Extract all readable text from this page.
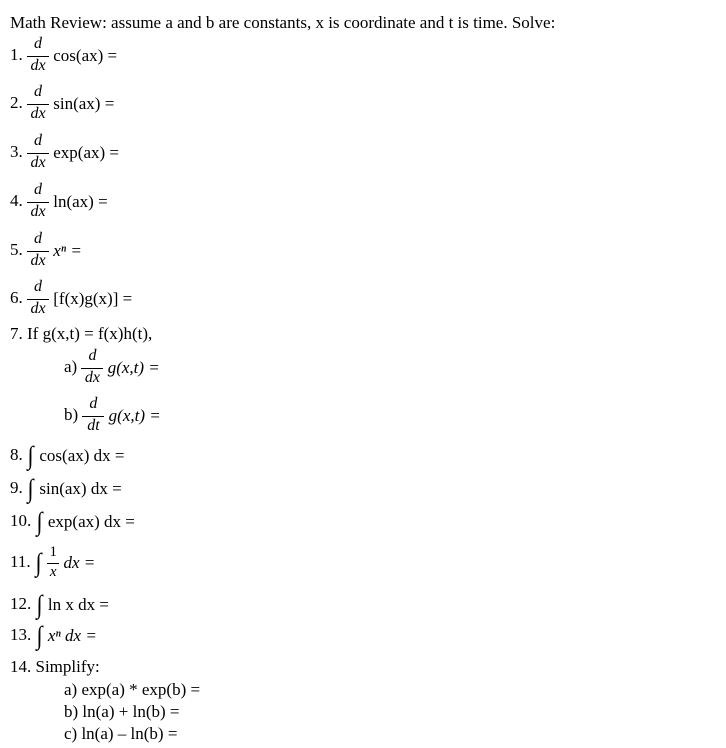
Math Review: assume a and b are constants, x is coordinate and t is time. Solve:
1. $\frac{d}{dx} \cos(ax)$ =
2. $\frac{d}{dx} \sin(ax)$ =
3. $\frac{d}{dx} \exp(ax)$ =
4. $\frac{d}{dx} \ln(ax)$ =
5. $\frac{d}{dx}$ xⁿ =
6. $\frac{d}{dx} [f(x)g(x)]$ =
7. If g(x,t) = f(x)h(t),
$a) \frac{d}{dx} g(x,t)$ =
$b) \frac{d}{dt} g(x,t)$ =
8. ∫ cos(ax) dx =
9. ∫ sin(ax) dx =
10. ∫ exp(ax) dx =
11. ∫ $\frac{1}{x}$ dx =
12. ∫ ln x dx =
13. ∫ xⁿ dx =
14. Simplify:
a) exp(a) * exp(b) =
b) ln(a) + ln(b) =
c) ln(a) – ln(b) =
